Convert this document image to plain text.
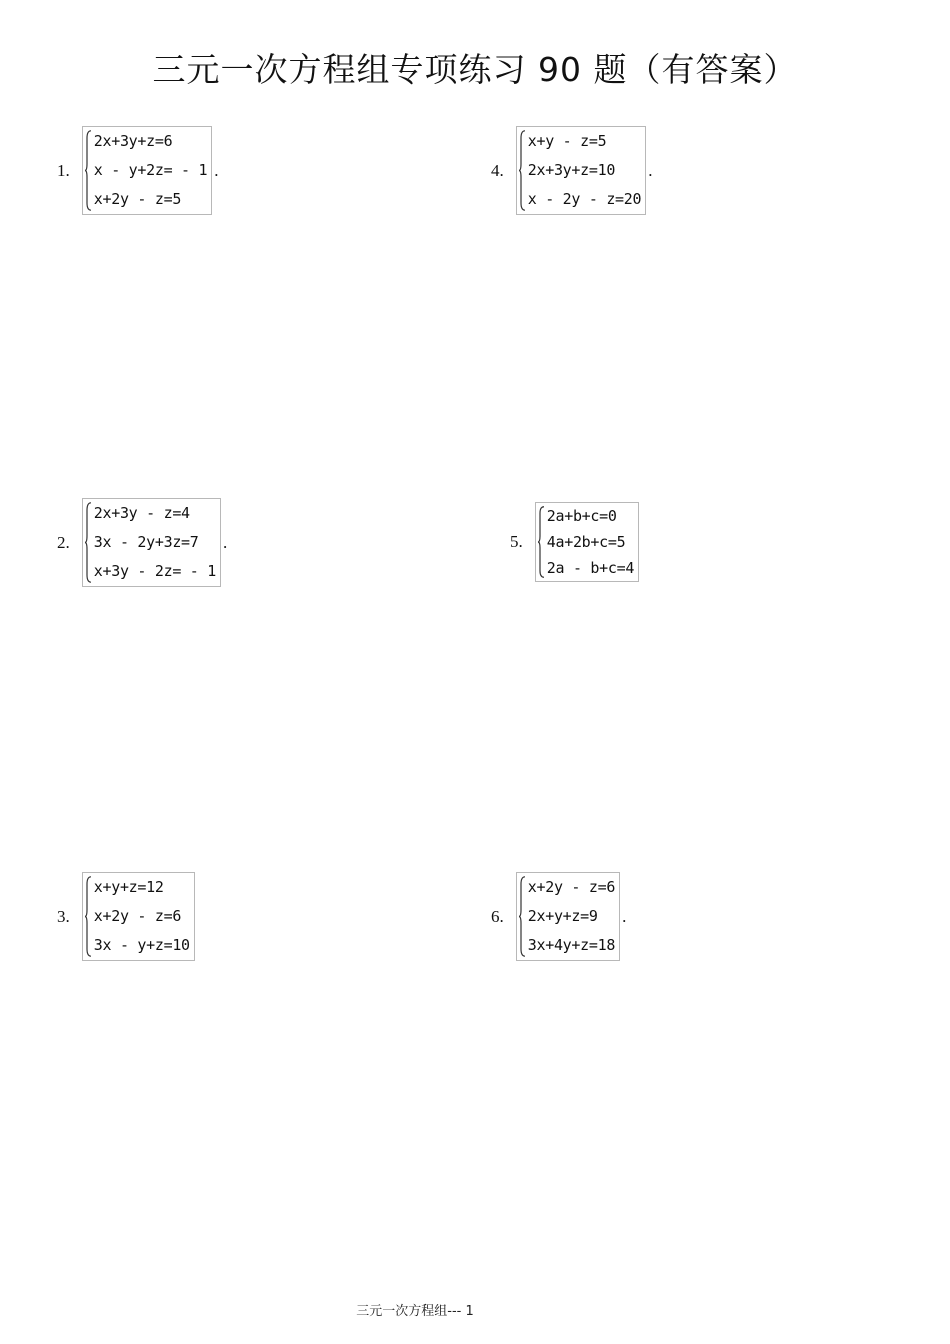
三元一次方程组专项练习 90 题（有答案）
1.
2x+3y+z=6
x - y+2z= - 1
x+2y - z=5
.	4.
x+y - z=5
2x+3y+z=10
x - 2y - z=20
.
2.
2x+3y - z=4
3x - 2y+3z=7
x+3y - 2z= - 1
.	5.
2a+b+c=0
4a+2b+c=5
2a - b+c=4
3.
x+y+z=12
x+2y - z=6
3x - y+z=10
6.
x+2y - z=6
2x+y+z=9
3x+4y+z=18
.
三元一次方程组--- 1
